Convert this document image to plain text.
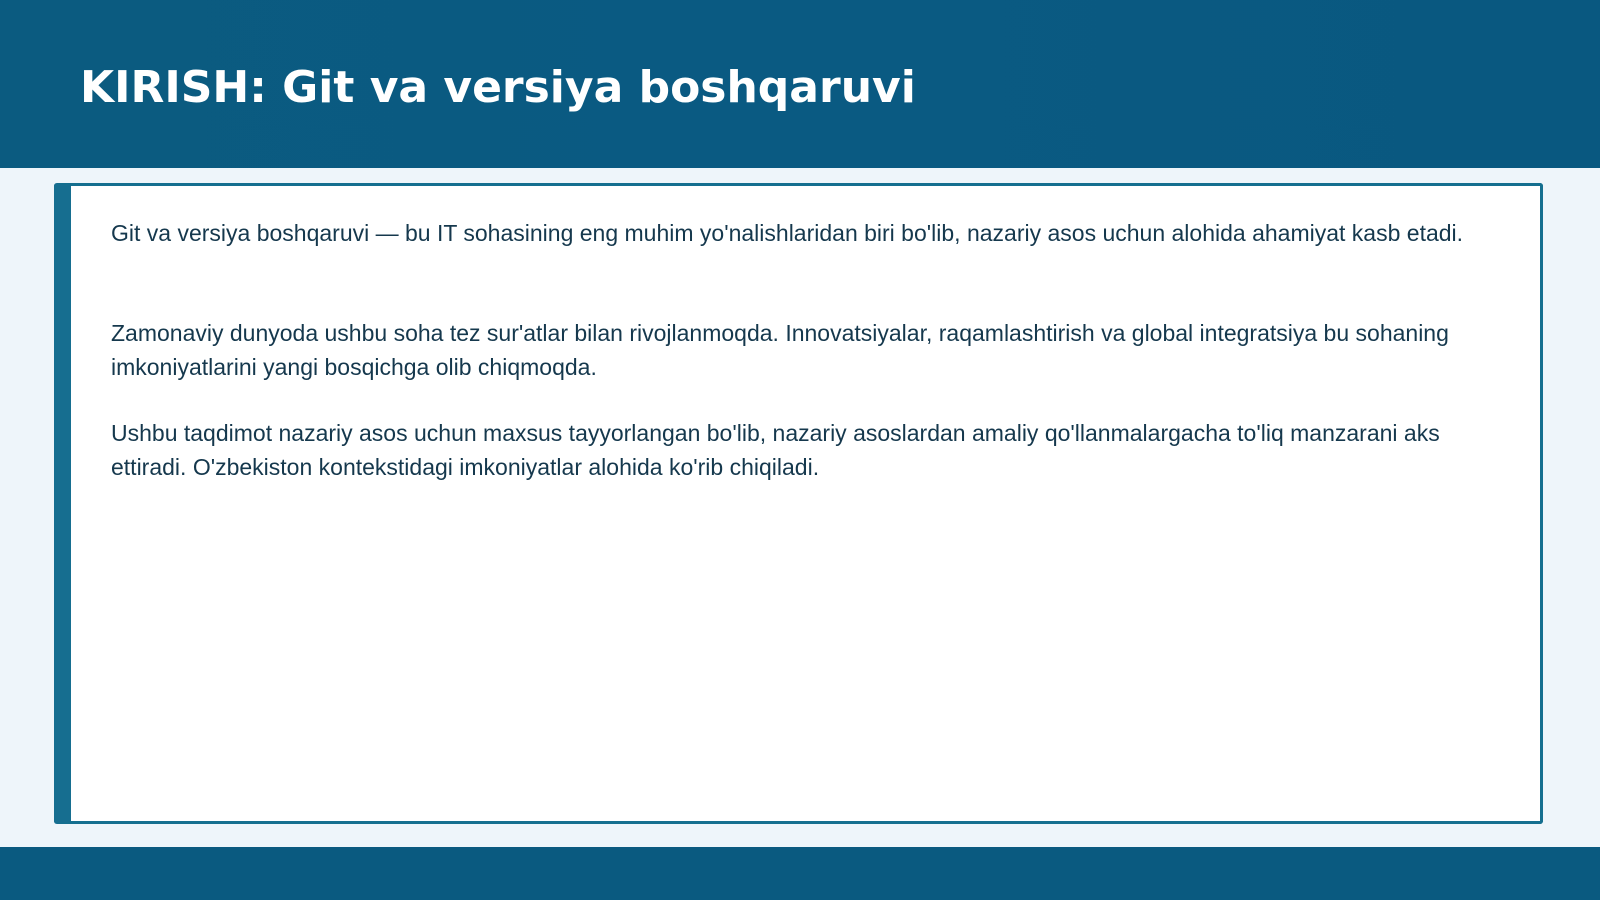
KIRISH: Git va versiya boshqaruvi

Git va versiya boshqaruvi — bu IT sohasining eng muhim yo'nalishlaridan biri bo'lib, nazariy asos uchun alohida ahamiyat kasb etadi.

Zamonaviy dunyoda ushbu soha tez sur'atlar bilan rivojlanmoqda. Innovatsiyalar, raqamlashtirish va global integratsiya bu sohaning imkoniyatlarini yangi bosqichga olib chiqmoqda.

Ushbu taqdimot nazariy asos uchun maxsus tayyorlangan bo'lib, nazariy asoslardan amaliy qo'llanmalargacha to'liq manzarani aks ettiradi. O'zbekiston kontekstidagi imkoniyatlar alohida ko'rib chiqiladi.
